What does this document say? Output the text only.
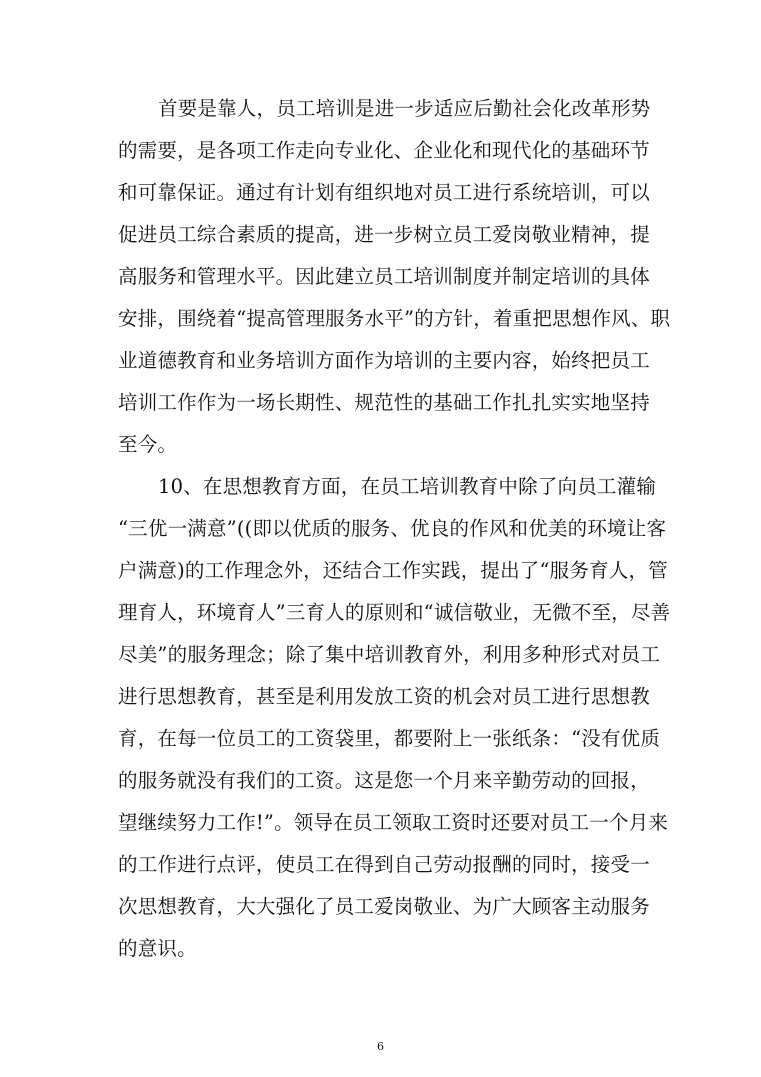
首要是靠人，员工培训是进一步适应后勤社会化改革形势
的需要，是各项工作走向专业化、企业化和现代化的基础环节
和可靠保证。通过有计划有组织地对员工进行系统培训，可以
促进员工综合素质的提高，进一步树立员工爱岗敬业精神，提
高服务和管理水平。因此建立员工培训制度并制定培训的具体
安排，围绕着“提高管理服务水平”的方针，着重把思想作风、职
业道德教育和业务培训方面作为培训的主要内容，始终把员工
培训工作作为一场长期性、规范性的基础工作扎扎实实地坚持
至今。
10、在思想教育方面，在员工培训教育中除了向员工灌输
“三优一满意”((即以优质的服务、优良的作风和优美的环境让客
户满意)的工作理念外，还结合工作实践，提出了“服务育人，管
理育人，环境育人”三育人的原则和“诚信敬业，无微不至，尽善
尽美”的服务理念；除了集中培训教育外，利用多种形式对员工
进行思想教育，甚至是利用发放工资的机会对员工进行思想教
育，在每一位员工的工资袋里，都要附上一张纸条：“没有优质
的服务就没有我们的工资。这是您一个月来辛勤劳动的回报，
望继续努力工作!”。领导在员工领取工资时还要对员工一个月来
的工作进行点评，使员工在得到自己劳动报酬的同时，接受一
次思想教育，大大强化了员工爱岗敬业、为广大顾客主动服务
的意识。
6
